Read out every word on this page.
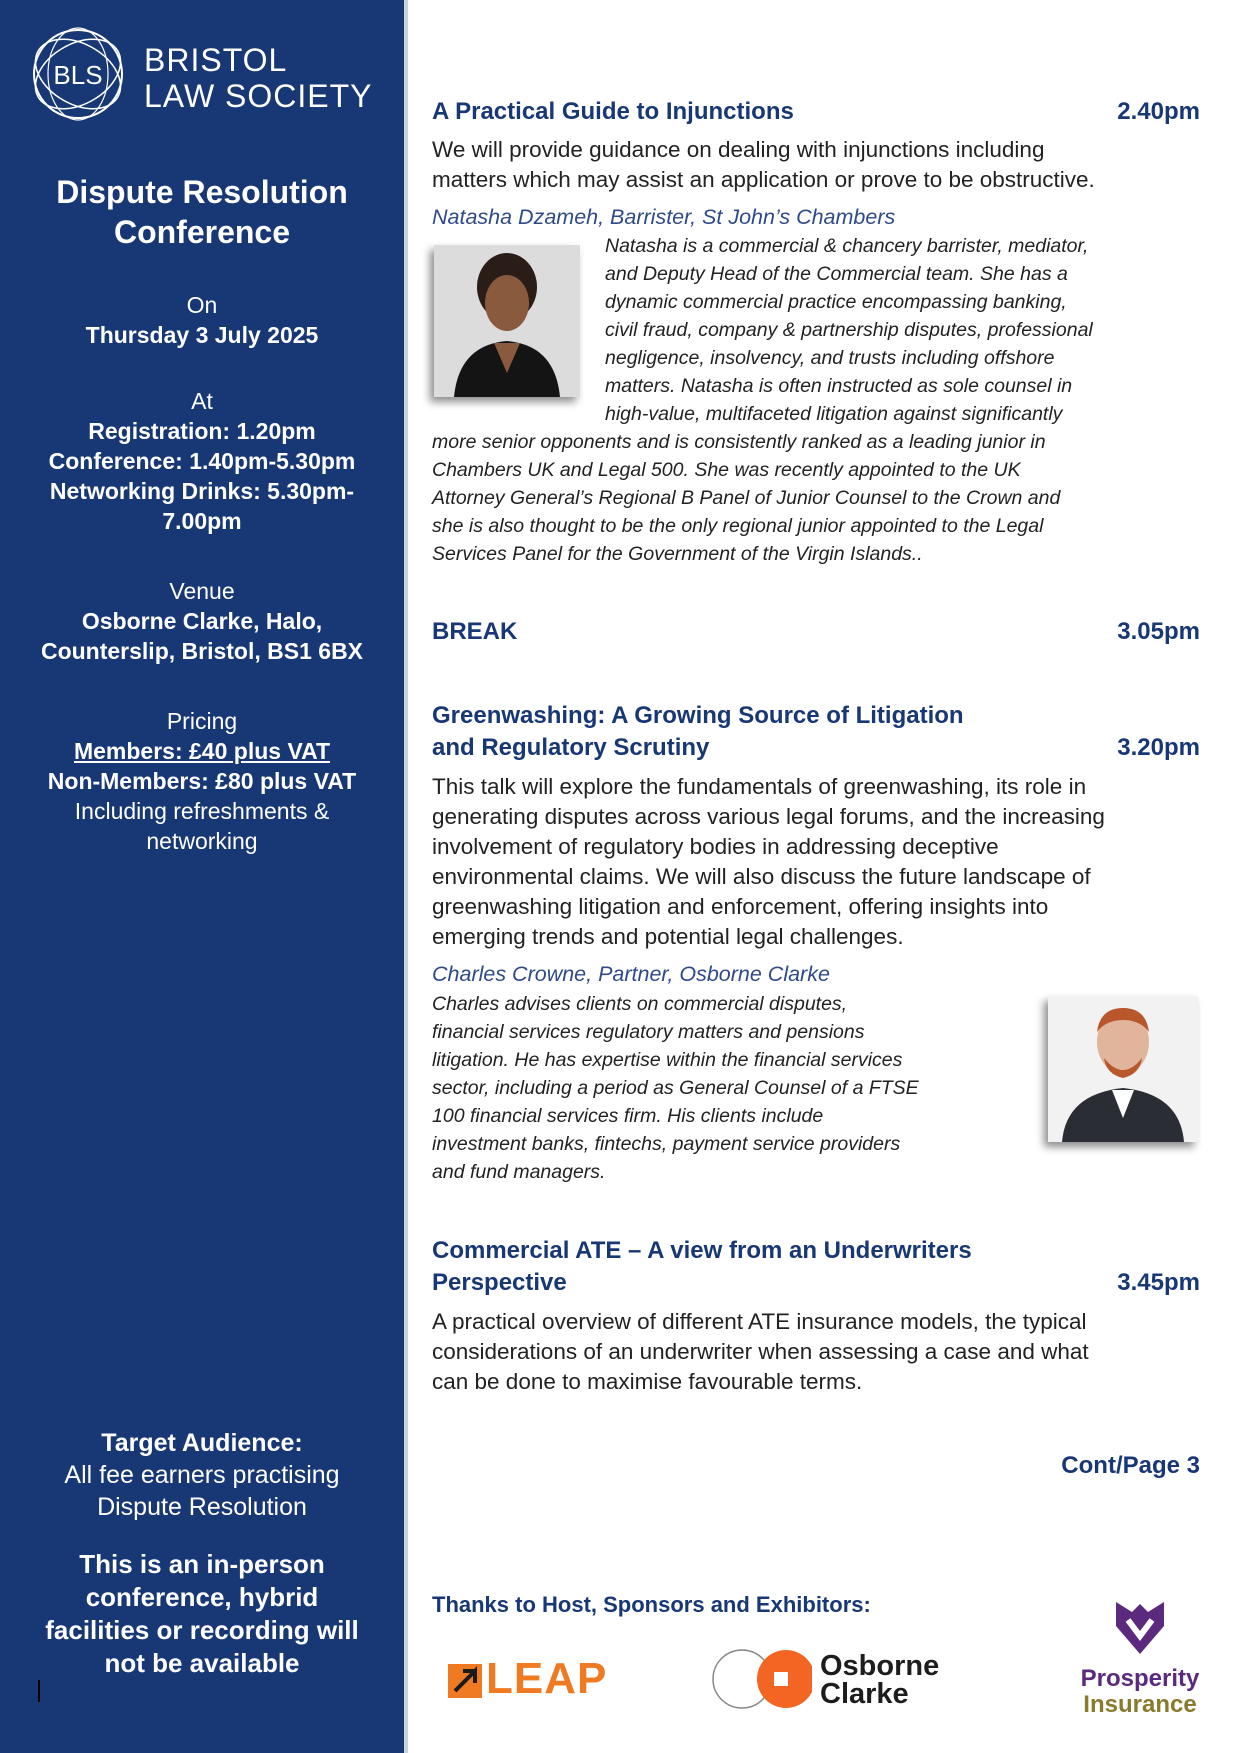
BLS BRISTOL
LAW SOCIETY
Dispute Resolution
Conference
On
Thursday 3 July 2025
At
Registration: 1.20pm
Conference: 1.40pm-5.30pm
Networking Drinks: 5.30pm-
7.00pm
Venue
Osborne Clarke, Halo,
Counterslip, Bristol, BS1 6BX
Pricing
Members: £40 plus VAT
Non-Members: £80 plus VAT
Including refreshments &
networking
Target Audience:
All fee earners practising
Dispute Resolution
This is an in-person
conference, hybrid
facilities or recording will
not be available
A Practical Guide to Injunctions	2.40pm
We will provide guidance on dealing with injunctions including
matters which may assist an application or prove to be obstructive.
Natasha Dzameh, Barrister, St John’s Chambers
Natasha is a commercial & chancery barrister, mediator,
and Deputy Head of the Commercial team. She has a
dynamic commercial practice encompassing banking,
civil fraud, company & partnership disputes, professional
negligence, insolvency, and trusts including offshore
matters. Natasha is often instructed as sole counsel in
high-value, multifaceted litigation against significantly
more senior opponents and is consistently ranked as a leading junior in
Chambers UK and Legal 500. She was recently appointed to the UK
Attorney General’s Regional B Panel of Junior Counsel to the Crown and
she is also thought to be the only regional junior appointed to the Legal
Services Panel for the Government of the Virgin Islands..
BREAK	3.05pm
Greenwashing: A Growing Source of Litigation
and Regulatory Scrutiny	3.20pm
This talk will explore the fundamentals of greenwashing, its role in
generating disputes across various legal forums, and the increasing
involvement of regulatory bodies in addressing deceptive
environmental claims. We will also discuss the future landscape of
greenwashing litigation and enforcement, offering insights into
emerging trends and potential legal challenges.
Charles Crowne, Partner, Osborne Clarke
Charles advises clients on commercial disputes,
financial services regulatory matters and pensions
litigation. He has expertise within the financial services
sector, including a period as General Counsel of a FTSE
100 financial services firm. His clients include
investment banks, fintechs, payment service providers
and fund managers.
Commercial ATE – A view from an Underwriters
Perspective	3.45pm
A practical overview of different ATE insurance models, the typical
considerations of an underwriter when assessing a case and what
can be done to maximise favourable terms.
Cont/Page 3
Thanks to Host, Sponsors and Exhibitors:
LEAP	Osborne
Clarke	Prosperity
Insurance
